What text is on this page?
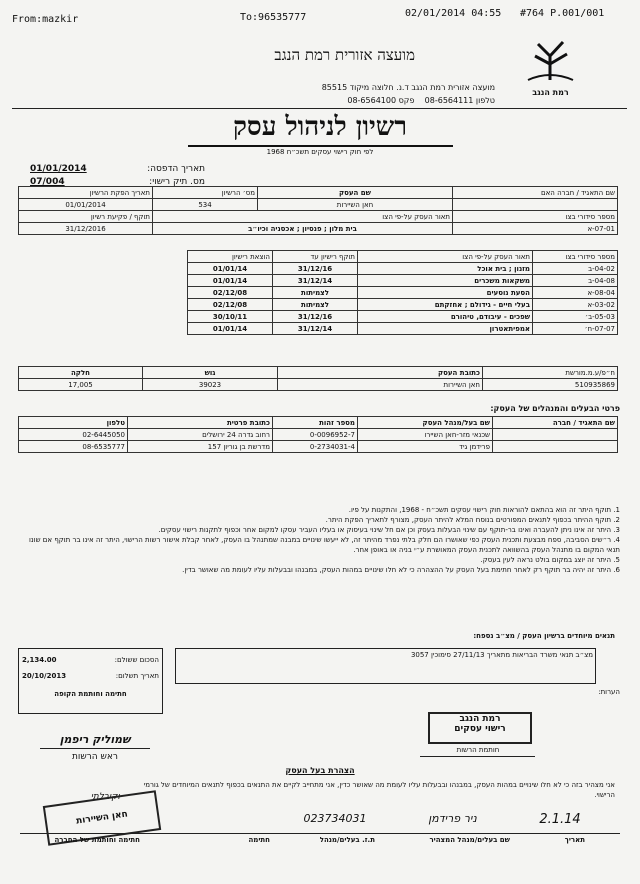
From:mazkir	To:96535777	02/01/2014 04:55 #764 P.001/001
מועצה אזורית רמת הנגב
מועצה אזורית רמת הנגב ד.נ. חלוצה מיקוד 85515
טלפון 08-6564111    פקס 08-6564100
רמת הנגב
רשיון לניהול עסק
לפי חוק רישוי עסקים תשכ״ח 1968
תאריך הדפסה:
01/01/2014
מס. תיק רישוי:
07/004
שם התאגיד / חברה האם	שם העסק	מס׳ הרשיון	תאריך הפקת הרשיון
	חאן השיירות	534	01/01/2014
מספר סידורי בצו	תאור העסק על-פי הצו		תוקף / פקיעת רשיון
07-01-א	בית מלון ; פנסיון ; אכסניה וכיו״ב		31/12/2016
מספר סידורי בצו	תאור העסק על-פי הצו	תוקף רישיון עד	הוצאת רישיון	
04-02-ב	מזנון ; בית אוכל	31/12/16	01/01/14	
04-08-ב	משקאות משכרים	31/12/14	01/01/14	
08-04-א	הסעת נוסעים	לצמיתות	02/12/08	
03-02-א	בעלי חיים - גידולם ; אחזקתם	לצמיתות	02/12/08	
05-03-ב׳	שפכים - עיבודם, טיהורם	31/12/16	30/10/11	
07-07-ח׳	אמפיתאטרון	31/12/14	01/01/14	
ח״פ/ע.מ.מורשת	כתובת העסק	גוש	חלקה
510935869	חאן השיירות	39023	17,005
פרטי הבעלים והמנהלים של העסק:
שם התאגיד / חברה	שם בעל/מנהל העסק	מספר זהות	כתובת פרטית	טלפון
	שכנאי מזר-חאן השיירו	0-0096952-7	רחוב גדרה 24 ירושלים	02-6445050
	פרידמן גיד	0-2734031-4	מדרשת בן גוריון 157	08-6535777
1. תוקף היתר זה הוא בהתאם להוראות חוק רישוי עסקים תשכ״ח - 1968, והתקנות על פיו.
2. תוקף ההיתר בכפוף לתנאים המפורטים בנוסח המלא להיתר העסק, מצורף לתאריך הפקת היתר.
3. היתר זה אינו ניתן להעברה ואינו בר-תוקף עם שינוי הבעלות בעסק וכן אם חל שינוי בעיסוק או בעליו העביר עסקו למקום אחר וכפוף לתקנות רישוי עסקים.
4. ר״שים הסביבה, ספח מבצעת ותכנית העסק כפי שאושרו הם חלק בלתי נפרד מהיתר זה, לא ייעשו שינויים במבנה שמתנהל בו העסק, לאחר קבלת אישור רשות הרישוי, היתר זה אינו בר תוקף אם שונו תנאי המקום בו מתנהל העסק בהשוואה לתכנית העסק המאושרת ע״י בניה או באופן אחר.
5. היתר זה יוצג במקום בולט נראה לעין בעסק.
6. היתר זה יהיה בר תוקף רק לאחר חתימת בעל העסק על ההצהרה כי לא חלו שינויים במהות העסק, במבנהו ובבעלות עליו לעומת מה שאושר בדין.
תנאים מיוחדים ברשיון העסק / מצ״ב נספח:
מצ״ב תנאי משרד הבריאות מתאריך 27/11/13 סימוכין 3057
הסכום ששולם:
2,134.00
תאריך תשלום:
20/10/2013
חתימה וחותמת הקופה	הערות:
רמת הנגב
רישוי עסקים
חותמת הרשות
שמוליק ריפמן
ראש הרשות
הצהרת בעל העסק
אני מצהיר בזה כי לא חלו שינויים במהות העסק, במבנהו ובבעלות עליו לעומת מה שאושר כדין, אני מתחייב לקיים את התנאים בכפוף לתנאים המיוחדים של גורמי הרישוי.
וקיבלתי
2.1.14
ניר פרידמן
023734031
חאן השיירות
תאריך
שם בעלים/מנהל המצהיר
ת.ז. בעלים/מנהל
חתימה
חתימה וחותמת של החברה
